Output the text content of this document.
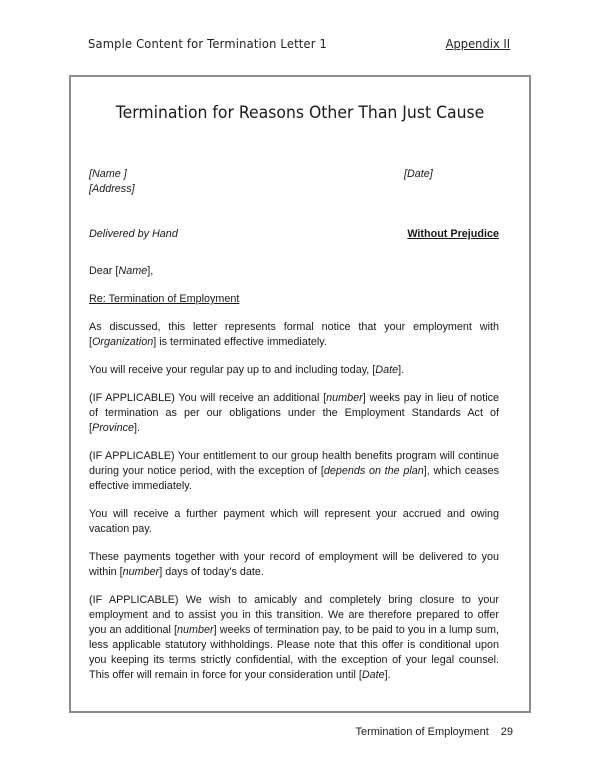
Sample Content for Termination Letter 1	Appendix II
Termination for Reasons Other Than Just Cause
[Name ]	[Date]
[Address]
Delivered by Hand	Without Prejudice
Dear [Name],
Re: Termination of Employment
As discussed, this letter represents formal notice that your employment with [Organization] is terminated effective immediately.
You will receive your regular pay up to and including today, [Date].
(IF APPLICABLE) You will receive an additional [number] weeks pay in lieu of notice of termination as per our obligations under the Employment Standards Act of [Province].
(IF APPLICABLE) Your entitlement to our group health benefits program will continue during your notice period, with the exception of [depends on the plan], which ceases effective immediately.
You will receive a further payment which will represent your accrued and owing vacation pay.
These payments together with your record of employment will be delivered to you within [number] days of today's date.
(IF APPLICABLE) We wish to amicably and completely bring closure to your employment and to assist you in this transition. We are therefore prepared to offer you an additional [number] weeks of termination pay, to be paid to you in a lump sum, less applicable statutory withholdings. Please note that this offer is conditional upon you keeping its terms strictly confidential, with the exception of your legal counsel. This offer will remain in force for your consideration until [Date].
Termination of Employment 29
